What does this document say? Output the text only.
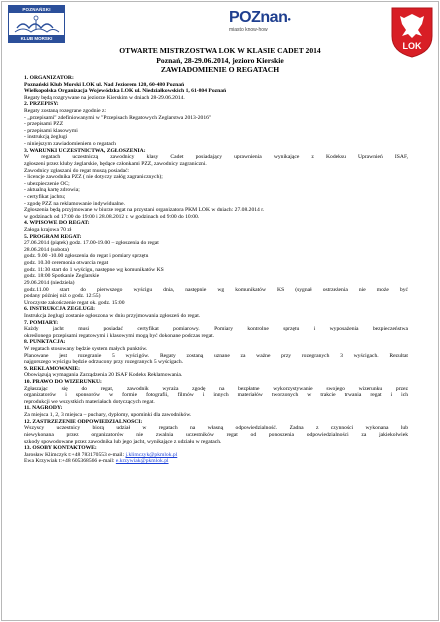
POZNAŃSKI
KLUB MORSKI
POZnan●
miasto know-how
LOK
OTWARTE MISTRZOSTWA LOK W KLASIE CADET 2014
Poznań, 28-29.06.2014, jezioro Kierskie
ZAWIADOMIENIE O REGATACH
1. ORGANIZATOR:
Poznański Klub Morski LOK ul. Nad Jeziorem 120, 60-480 Poznań
Wielkopolska Organizacja Wojewódzka LOK ul. Niedziałkowskich 1, 61-804 Poznań
Regaty będą rozgrywane na jeziorze Kierskim w dniach 28-29.06.2014.
2. PRZEPISY:
Regaty zostaną rozegrane zgodnie z:
- „przepisami" zdefiniowanymi w "Przepisach Regatowych Żeglarstwa 2013-2016"
- przepisami PZŻ
- przepisami klasowymi
- instrukcją żeglugi
- niniejszym zawiadomieniem o regatach
3. WARUNKI UCZESTNICTWA, ZGŁOSZENIA:
W regatach uczestniczą zawodnicy klasy Cadet posiadający uprawnienia wynikające z Kodeksu Uprawnień ISAF,
zgłoszeni przez kluby żeglarskie, będące członkami PZŻ, zawodnicy zagraniczni.
Zawodnicy zgłaszani do regat muszą posiadać:
- licencje zawodnika PZŻ ( nie dotyczy załóg zagranicznych);
- ubezpieczenie OC;
- aktualną kartę zdrowia;
- certyfikat jachtu;
- zgodę PZŻ na reklamowanie indywidualne.
Zgłoszenia będą przyjmowane w biurze regat na przystani organizatora PKM LOK w dniach: 27.08.2014 r.
w godzinach od 17:00 do 19:00 i 28.08.2012 r. w godzinach od 9:00 do 10:00.
4. WPISOWE DO REGAT:
Załoga krajowa 70 zł
5. PROGRAM REGAT:
27.06.2014 (piątek) godz. 17.00-19.00 – zgłoszenia do regat
28.06.2014 (sobota)
godz. 9.00 -10.00 zgłoszenia do regat i pomiary sprzętu
godz. 10.30 ceremonia otwarcia regat
godz. 11:30 start do 1 wyścigu, następne wg komunikatów KS
godz. 18:00 Spotkanie Żeglarskie
29.06.2014 (niedziela)
godz.11.00 start do pierwszego wyścigu dnia, następnie wg komunikatów KS (sygnał ostrzeżenia nie może być
podany później niż o godz. 12:55)
Uroczyste zakończenie regat ok. godz. 15:00
6. INSTRUKCJA ŻEGLUGI:
Instrukcja żeglugi zostanie ogłoszona w dniu przyjmowania zgłoszeń do regat.
7. POMIARY:
Każdy jacht musi posiadać certyfikat pomiarowy. Pomiary kontrolne sprzętu i wyposażenia bezpieczeństwa
określonego przepisami regatowymi i klasowymi mogą być dokonane podczas regat.
8. PUNKTACJA:
W regatach stosowany będzie system małych punktów.
Planowane jest rozegranie 5 wyścigów. Regaty zostaną uznane za ważne przy rozegranych 3 wyścigach. Rezultat
najgorszego wyścigu będzie odrzucony przy rozegranych 5 wyścigach.
9. REKLAMOWANIE:
Obowiązują wymagania Zarządzenia 20 ISAF Kodeks Reklamowania.
10. PRAWO DO WIZERUNKU:
Zgłaszając się do regat, zawodnik wyraża zgodę na bezpłatne wykorzystywanie swojego wizerunku przez
organizatorów i sponsorów w formie fotografii, filmów i innych materiałów tworzonych w trakcie trwania regat i ich
reprodukcji we wszystkich materiałach dotyczących regat.
11. NAGRODY:
Za miejsca 1, 2, 3 miejsca – puchary, dyplomy, upominki dla zawodników.
12. ZASTRZEŻENIE ODPOWIEDZIALNOŚCI:
Wszyscy uczestnicy biorą udział w regatach na własną odpowiedzialność. Żadna z czynności wykonana lub
niewykonana przez organizatorów nie zwalnia uczestników regat od ponoszenia odpowiedzialności za jakiekolwiek
szkody spowodowane przez zawodnika lub jego jacht, wynikające z udziału w regatach.
13. OSOBY KONTAKTOWE:
Jarosław Klimczyk t:+48 783170553 e-mail: j.klimczyk@pkmlok.pl
Ewa Krzywiak t:+48 605368566 e-mail: e.krzywiak@pkmlok.pl
